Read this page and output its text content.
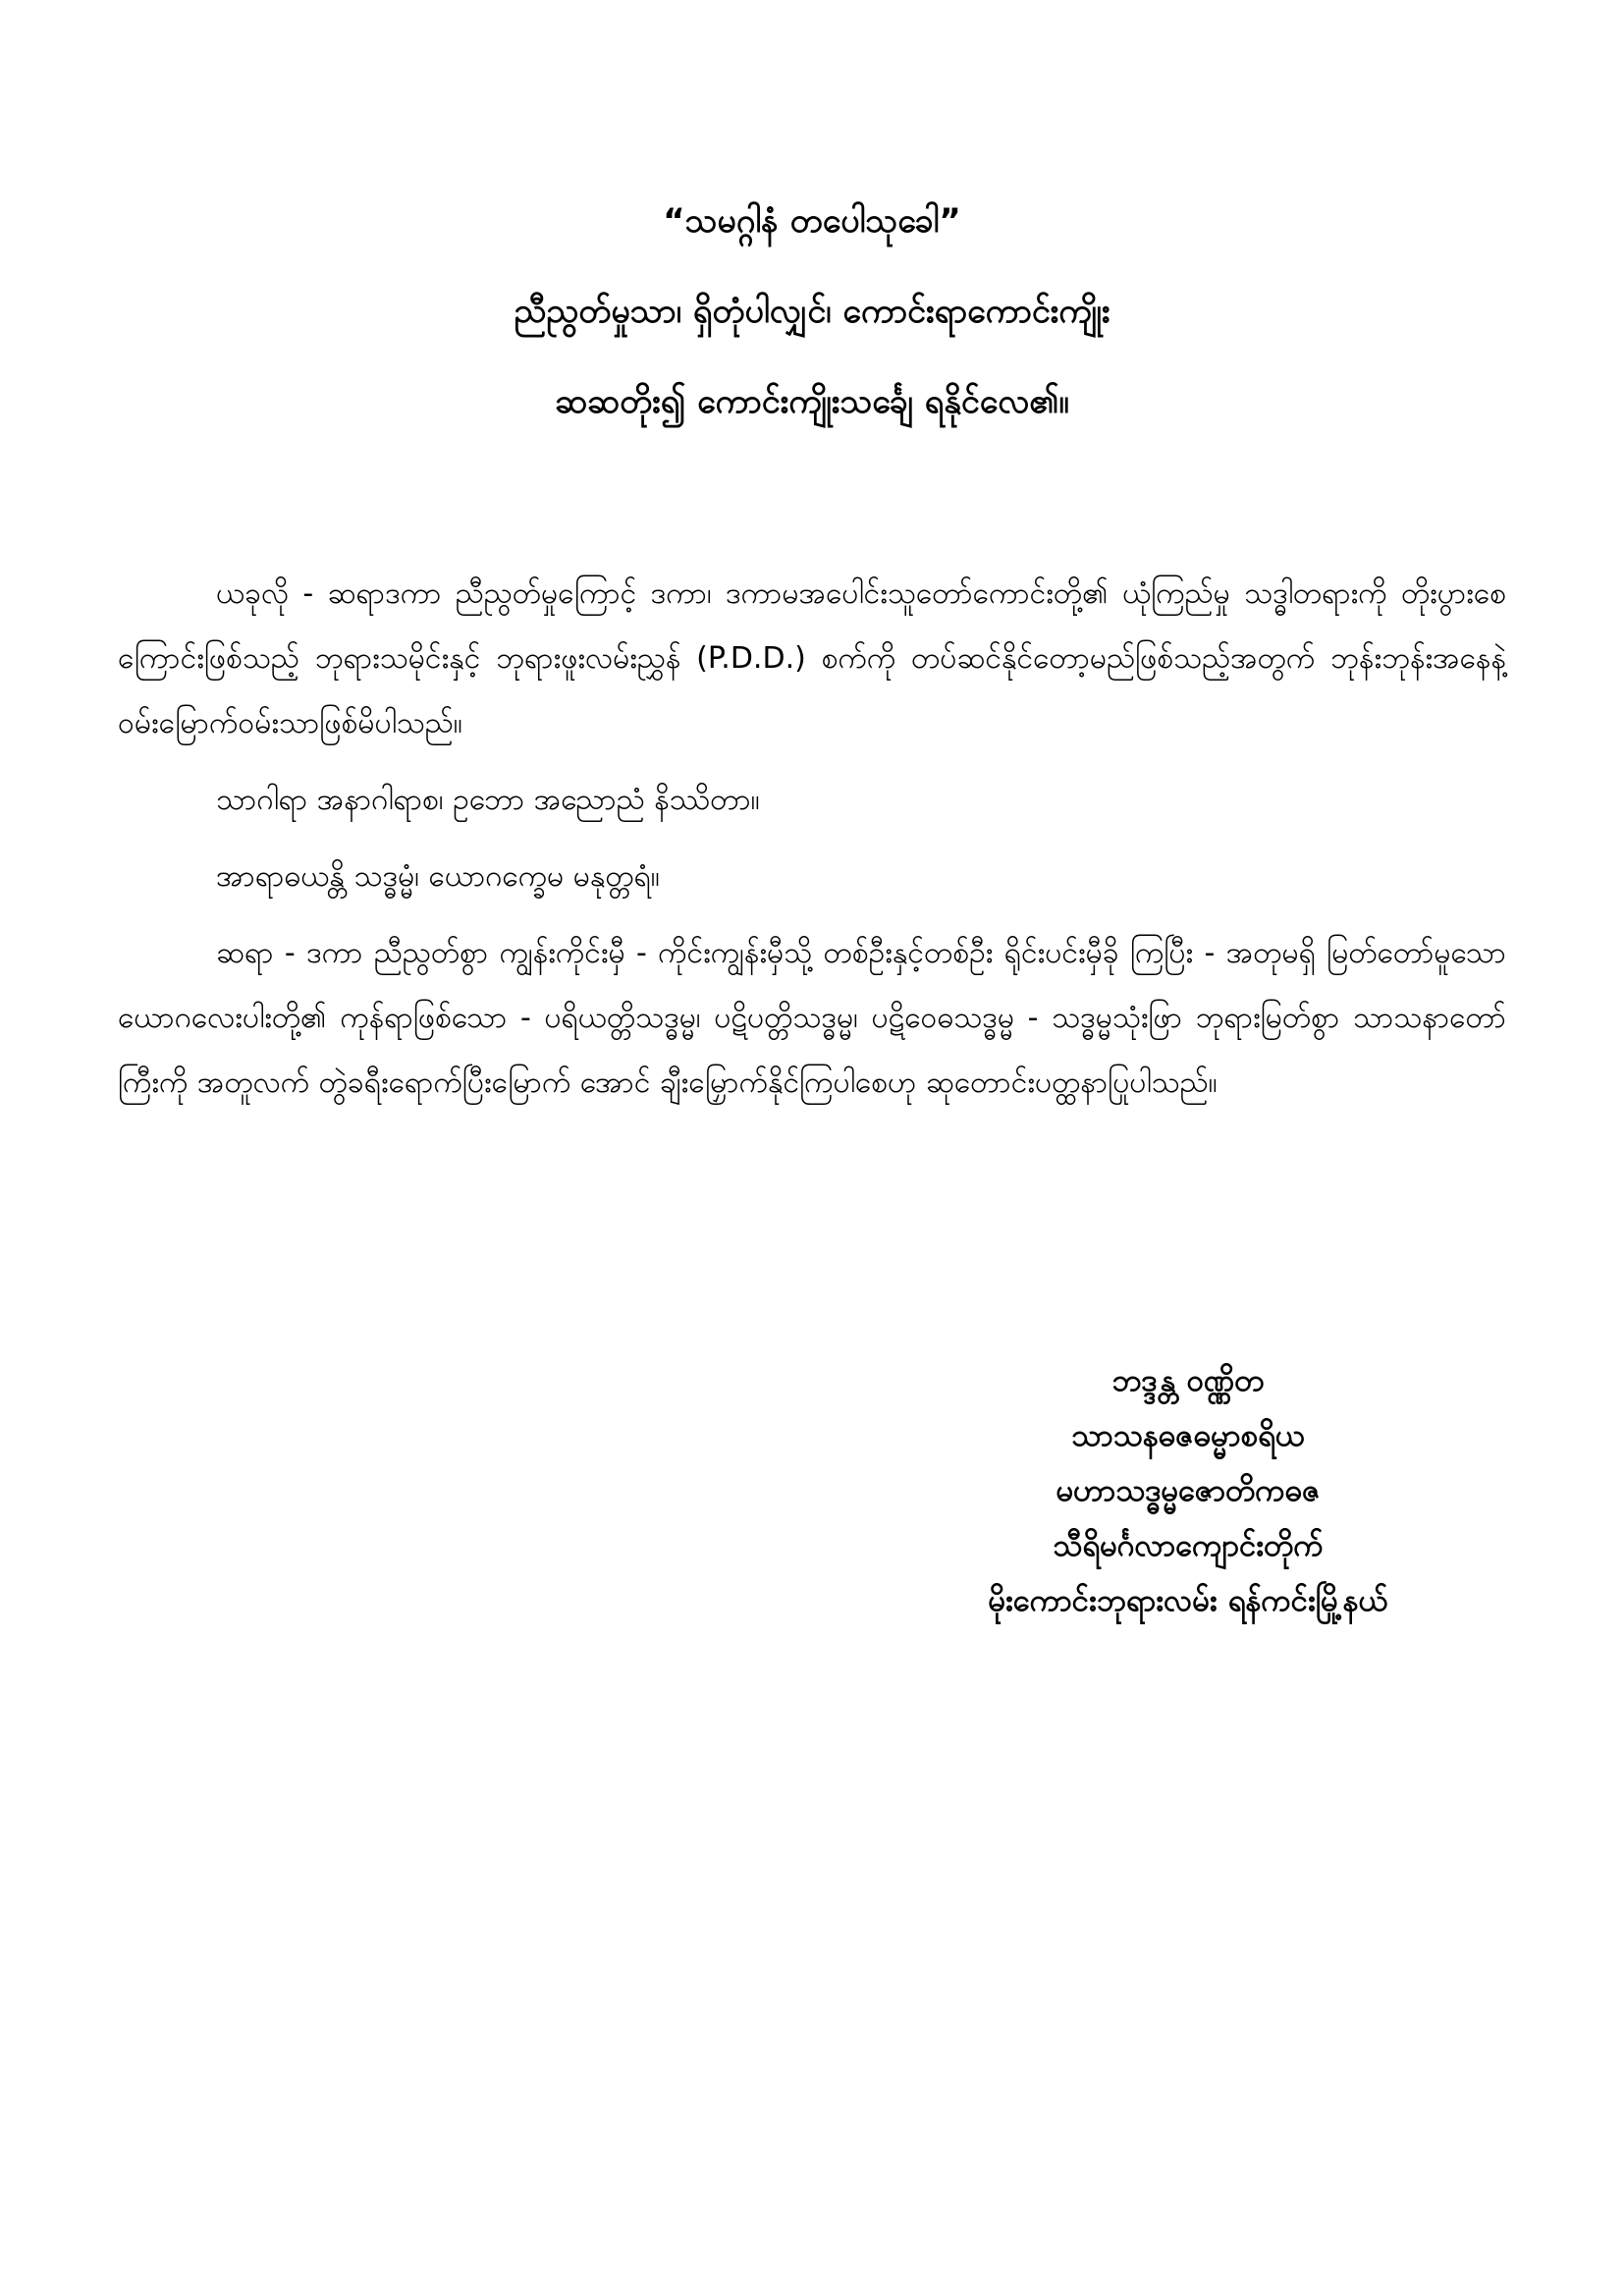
“သမဂ္ဂါနံ တပေါသုခေါ”
ညီညွတ်မှုသာ၊ ရှိတုံပါလျှင်၊ ကောင်းရာကောင်းကျိုး
ဆဆတိုး၍ ကောင်းကျိုးသင်္ချေ ရနိုင်လေ၏။

ယခုလို - ဆရာဒကာ ညီညွတ်မှုကြောင့် ဒကာ၊ ဒကာမအပေါင်းသူတော်ကောင်းတို့၏ ယုံကြည်မှု သဒ္ဓါတရားကို တိုးပွားစေကြောင်းဖြစ်သည့် ဘုရားသမိုင်းနှင့် ဘုရားဖူးလမ်းညွှန် (P.D.D.) စက်ကို တပ်ဆင်နိုင်တော့မည်ဖြစ်သည့်အတွက် ဘုန်းဘုန်းအနေနဲ့ ဝမ်းမြောက်ဝမ်းသာဖြစ်မိပါသည်။

သာဂါရာ အနာဂါရာစ၊ ဥဘော အညောညံ နိဿိတာ။

အာရာဓယန္တိ သဒ္ဓမ္မံ၊ ယောဂက္ခေမ မနုတ္တရံ။

ဆရာ - ဒကာ ညီညွတ်စွာ ကျွန်းကိုင်းမှီ - ကိုင်းကျွန်းမှီသို့ တစ်ဦးနှင့်တစ်ဦး ရိုင်းပင်းမှီခို ကြပြီး - အတုမရှိ မြတ်တော်မူသော ယောဂလေးပါးတို့၏ ကုန်ရာဖြစ်သော - ပရိယတ္တိသဒ္ဓမ္မ၊ ပဋိပတ္တိသဒ္ဓမ္မ၊ ပဋိဝေဓသဒ္ဓမ္မ - သဒ္ဓမ္မသုံးဖြာ ဘုရားမြတ်စွာ သာသနာတော်ကြီးကို အတူလက် တွဲခရီးရောက်ပြီးမြောက် အောင် ချီးမြှောက်နိုင်ကြပါစေဟု ဆုတောင်းပတ္ထနာပြုပါသည်။

ဘဒ္ဒန္တ ဝဏ္ဏိတ
သာသနဓဇဓမ္မာစရိယ
မဟာသဒ္ဓမ္မဇောတိကဓဇ
သီရိမင်္ဂလာကျောင်းတိုက်
မိုးကောင်းဘုရားလမ်း ရန်ကင်းမြို့နယ်
